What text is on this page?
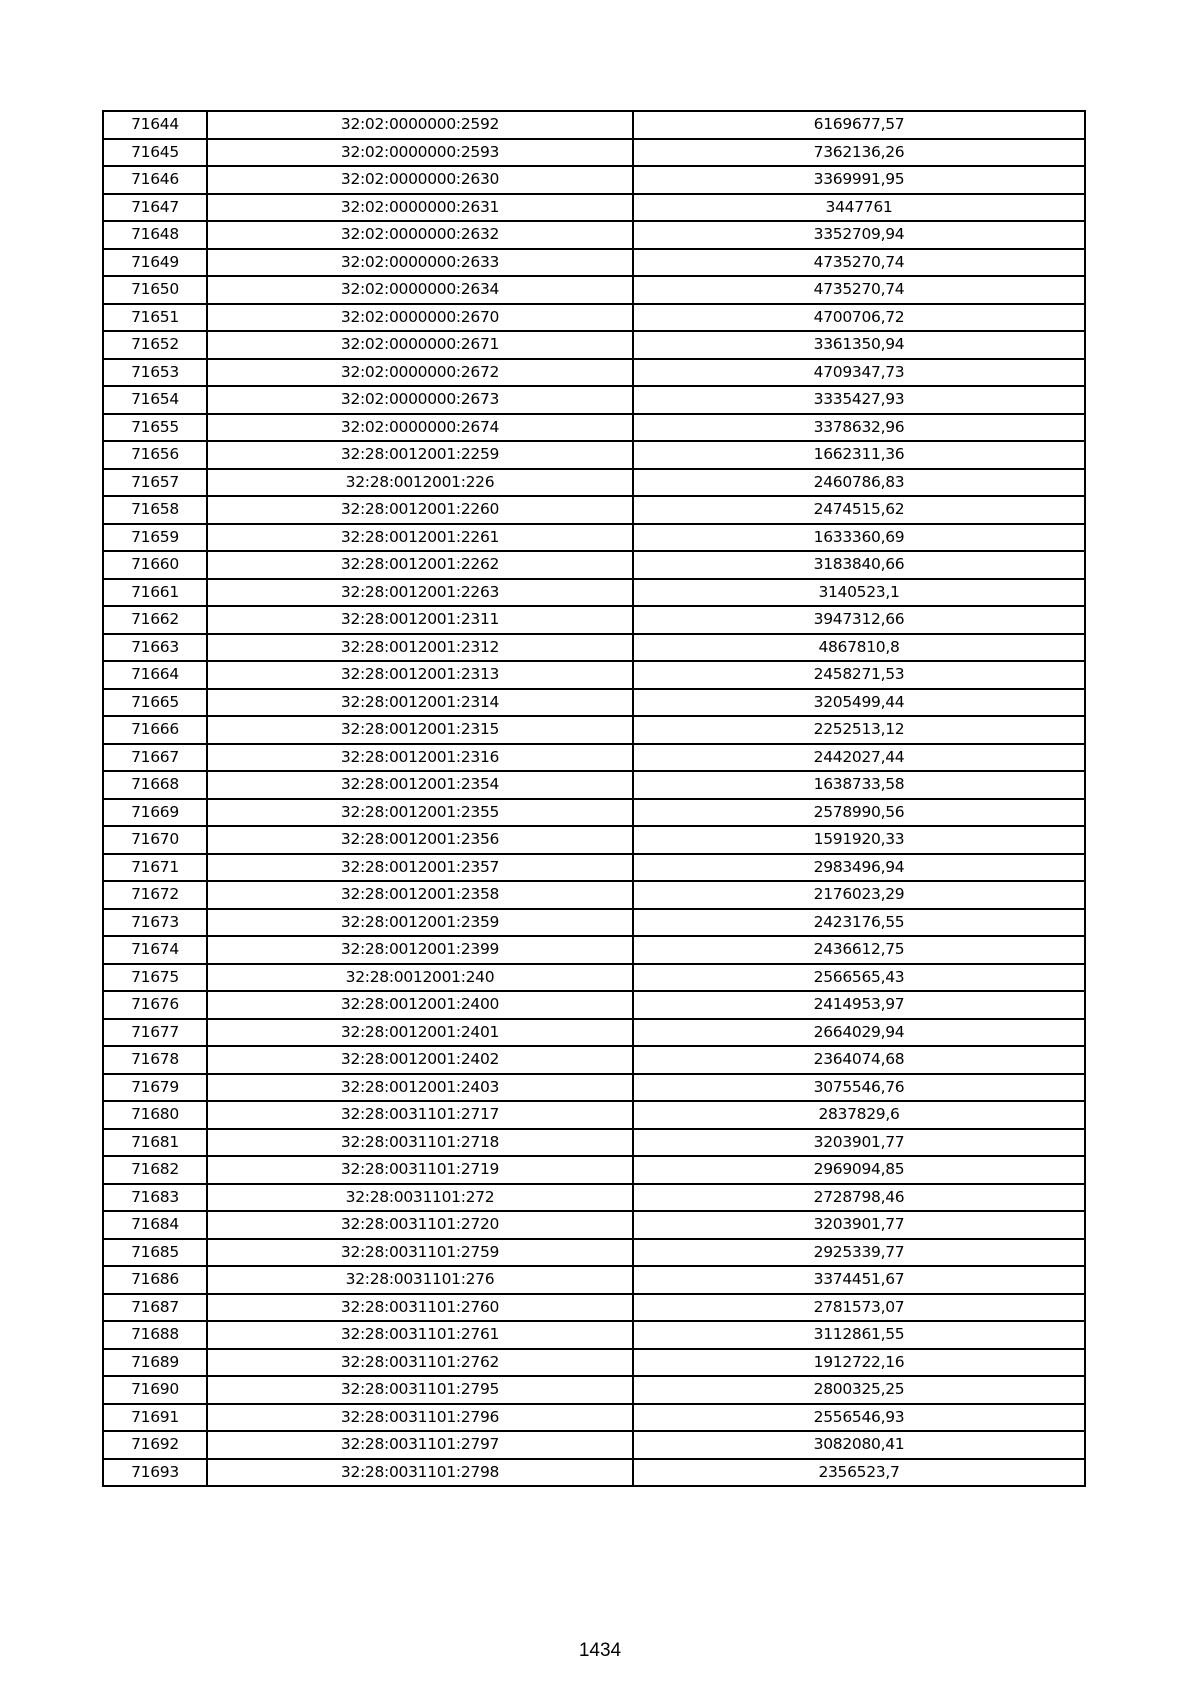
71644	32:02:0000000:2592	6169677,57
71645	32:02:0000000:2593	7362136,26
71646	32:02:0000000:2630	3369991,95
71647	32:02:0000000:2631	3447761
71648	32:02:0000000:2632	3352709,94
71649	32:02:0000000:2633	4735270,74
71650	32:02:0000000:2634	4735270,74
71651	32:02:0000000:2670	4700706,72
71652	32:02:0000000:2671	3361350,94
71653	32:02:0000000:2672	4709347,73
71654	32:02:0000000:2673	3335427,93
71655	32:02:0000000:2674	3378632,96
71656	32:28:0012001:2259	1662311,36
71657	32:28:0012001:226	2460786,83
71658	32:28:0012001:2260	2474515,62
71659	32:28:0012001:2261	1633360,69
71660	32:28:0012001:2262	3183840,66
71661	32:28:0012001:2263	3140523,1
71662	32:28:0012001:2311	3947312,66
71663	32:28:0012001:2312	4867810,8
71664	32:28:0012001:2313	2458271,53
71665	32:28:0012001:2314	3205499,44
71666	32:28:0012001:2315	2252513,12
71667	32:28:0012001:2316	2442027,44
71668	32:28:0012001:2354	1638733,58
71669	32:28:0012001:2355	2578990,56
71670	32:28:0012001:2356	1591920,33
71671	32:28:0012001:2357	2983496,94
71672	32:28:0012001:2358	2176023,29
71673	32:28:0012001:2359	2423176,55
71674	32:28:0012001:2399	2436612,75
71675	32:28:0012001:240	2566565,43
71676	32:28:0012001:2400	2414953,97
71677	32:28:0012001:2401	2664029,94
71678	32:28:0012001:2402	2364074,68
71679	32:28:0012001:2403	3075546,76
71680	32:28:0031101:2717	2837829,6
71681	32:28:0031101:2718	3203901,77
71682	32:28:0031101:2719	2969094,85
71683	32:28:0031101:272	2728798,46
71684	32:28:0031101:2720	3203901,77
71685	32:28:0031101:2759	2925339,77
71686	32:28:0031101:276	3374451,67
71687	32:28:0031101:2760	2781573,07
71688	32:28:0031101:2761	3112861,55
71689	32:28:0031101:2762	1912722,16
71690	32:28:0031101:2795	2800325,25
71691	32:28:0031101:2796	2556546,93
71692	32:28:0031101:2797	3082080,41
71693	32:28:0031101:2798	2356523,7
1434
